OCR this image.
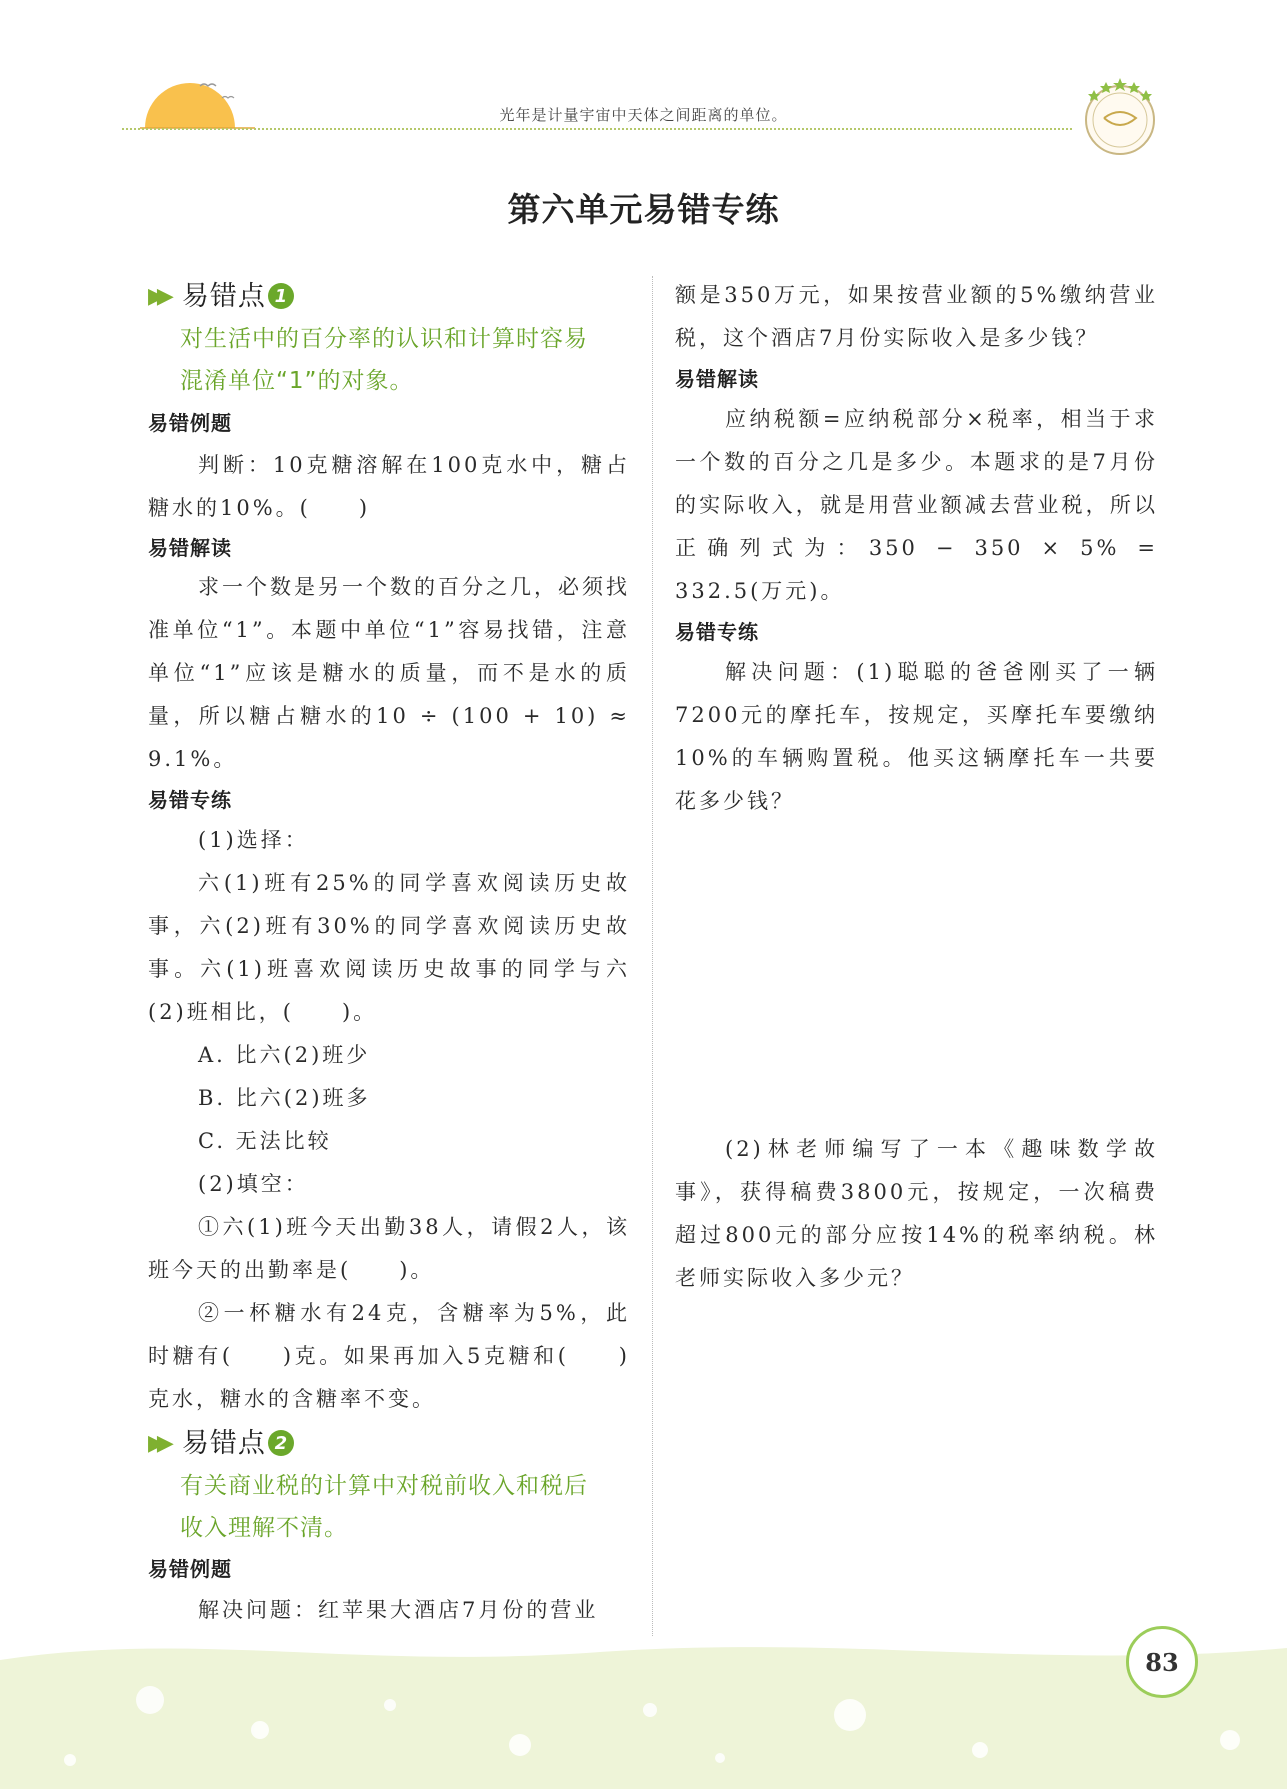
光年是计量宇宙中天体之间距离的单位。
第六单元易错专练
▶▶ 易错点 1

对生活中的百分率的认识和计算时容易

混淆单位“1”的对象。

易错例题

判断：10克糖溶解在100克水中，糖占糖水的10%。(　　)

易错解读

求一个数是另一个数的百分之几，必须找准单位“1”。本题中单位“1”容易找错，注意单位“1”应该是糖水的质量，而不是水的质量，所以糖占糖水的10 ÷ (100 + 10) ≈ 9.1%。

易错专练

(1)选择：

六(1)班有25%的同学喜欢阅读历史故事，六(2)班有30%的同学喜欢阅读历史故事。六(1)班喜欢阅读历史故事的同学与六(2)班相比，(　　)。

A. 比六(2)班少

B. 比六(2)班多

C. 无法比较

(2)填空：

①六(1)班今天出勤38人，请假2人，该班今天的出勤率是(　　)。

②一杯糖水有24克，含糖率为5%，此时糖有(　　)克。如果再加入5克糖和(　　)克水，糖水的含糖率不变。

▶▶ 易错点 2

有关商业税的计算中对税前收入和税后

收入理解不清。

易错例题

解决问题：红苹果大酒店7月份的营业

额是350万元，如果按营业额的5%缴纳营业税，这个酒店7月份实际收入是多少钱？

易错解读

应纳税额=应纳税部分×税率，相当于求一个数的百分之几是多少。本题求的是7月份的实际收入，就是用营业额减去营业税，所以正确列式为：350 − 350 × 5% = 332.5(万元)。

易错专练

解决问题：(1)聪聪的爸爸刚买了一辆7200元的摩托车，按规定，买摩托车要缴纳10%的车辆购置税。他买这辆摩托车一共要花多少钱？

(2)林老师编写了一本《趣味数学故事》，获得稿费3800元，按规定，一次稿费超过800元的部分应按14%的税率纳税。林老师实际收入多少元？

83
